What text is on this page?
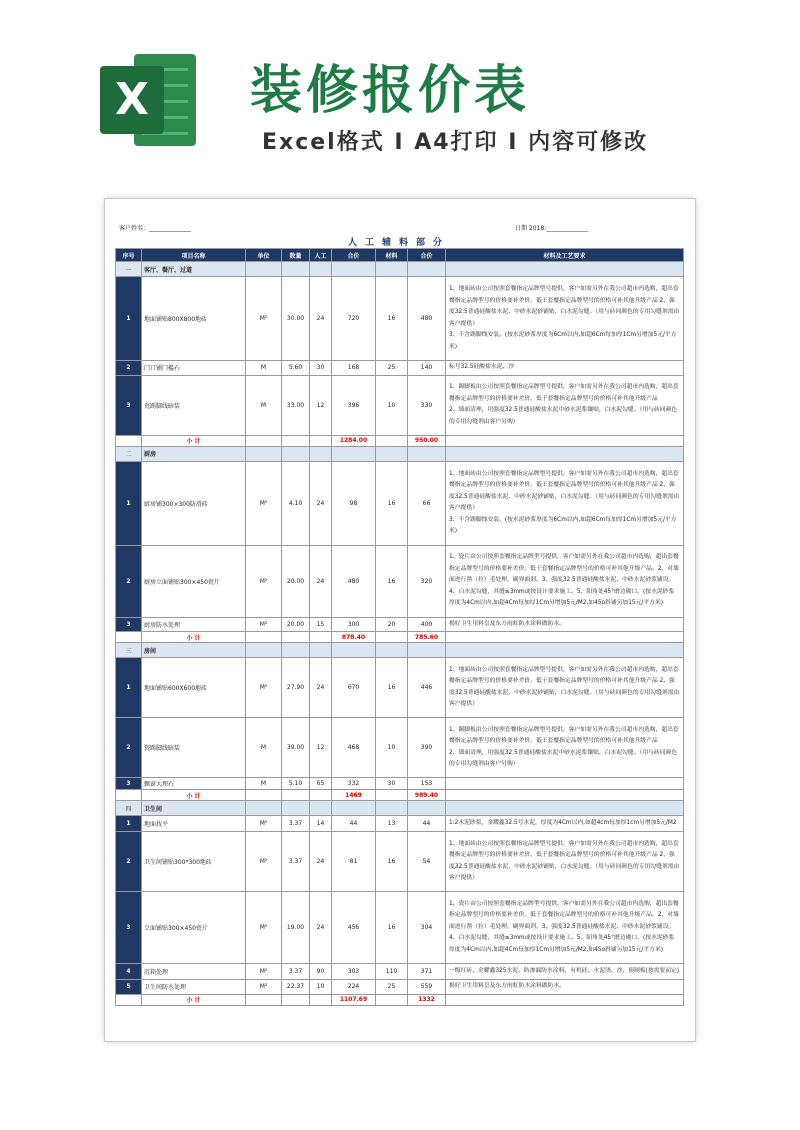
X 装修报价表
Excel格式 I A4打印 I 内容可修改
客户姓名：______________	日期 2018:______________
人工辅料部分
序号	项目名称	单位	数量	人工	合价	材料	合价	材料及工艺要求
一	客厅、餐厅、过道							
1	地面铺贴800X800地砖	M²	30.00	24	720	16	480	1、地面砖由公司按照套餐指定品牌型号提供，客户如需另外在我公司超市内选购，超出套餐指定品牌型号的价格要补差价。低于套餐指定品牌型号的价格可补其他升级产品 2、强度32.5普通硅酸盐水泥、中砂水泥砂铺贴，白水泥勾缝。（用与砖同颜色的专用勾缝剂需由客户提供）
3、不含踢脚线安装。(按水泥砂浆厚度为6Cm以内,如超6Cm每加厚1Cm另增加5元/平方米)
2	门口铺门槛石	M	5.60	30	168	25	140	标号32.5硅酸盐水泥、沙
3	瓷踢脚线暗装	M	33.00	12	396	10	330	1、踢脚板由公司按照套餐指定品牌型号提供，客户如需另外在我公司超市内选购，超出套餐指定品牌型号的价格要补差价。低于套餐指定品牌型号的价格可补其他升级产品
2、墙面清理，用强度32.5普通硅酸盐水泥中砂水泥浆镶贴，白水泥勾缝。（用与砖同颜色的专用勾缝剂由客户另购）
	小 计				1284.00		950.00	
二	厨房							
1	厨房铺300×300防滑砖	M²	4.10	24	98	16	66	1、地面砖由公司按照套餐指定品牌型号提供，客户如需另外在我公司超市内选购，超出套餐指定品牌型号的价格要补差价。低于套餐指定品牌型号的价格可补其他升级产品 2、强度32.5普通硅酸盐水泥、中砂水泥砂铺贴，白水泥勾缝。（用与砖同颜色的专用勾缝剂需由客户提供）
3、不含踢脚线安装。(按水泥砂浆厚度为6Cm以内,如超6Cm每加厚1Cm另增加5元/平方米)
2	厨房立面铺贴300×450瓷片	M²	20.00	24	480	16	320	1、瓷片由公司按照套餐指定品牌型号提供，客户如需另外在我公司超市内选购，超出套餐指定品牌型号的价格要补差价。低于套餐指定品牌型号的价格可补其他升级产品。2、对墙面进行凿（拉）毛处理，刷界面剂。3、强度32.5普通硅酸盐水泥、中砂水泥砂浆铺设。4、白水泥勾缝，其缝≤3mm或按设计要求施工。5、阳角处45°磨边砌口。(按水泥砂浆厚度为4Cm以内,如超4Cm每加厚1Cm另增加5元/M2,如45o斜铺另加15元/平方米)
3	厨房防水处理	M²	20.00	15	300	20	400	揭好卫生用料皇及东方雨虹防水涂料做防水。
	小 计				878.40		785.60	
三	房间							
1	地面铺贴600X600地砖	M²	27.90	24	670	16	446	1、地面砖由公司按照套餐指定品牌型号提供，客户如需另外在我公司超市内选购，超出套餐指定品牌型号的价格要补差价。低于套餐指定品牌型号的价格可补其他升级产品 2、强度32.5普通硅酸盐水泥、中砂水泥砂铺贴，白水泥勾缝。（用与砖同颜色的专用勾缝剂需由客户提供）
2	瓷踢脚线暗装	M	39.00	12	468	10	390	1、踢脚板由公司按照套餐指定品牌型号提供，客户如需另外在我公司超市内选购，超出套餐指定品牌型号的价格要补差价。低于套餐指定品牌型号的价格可补其他升级产品
2、墙面清理，用强度32.5普通硅酸盐水泥中砂水泥浆镶贴，白水泥勾缝。（用与砖同颜色的专用勾缝剂由客户另购）
3	飘窗大理石	M	5.10	65	332	30	153	
	小 计				1469		989.40	
四	卫生间							
1	地面找平	M²	3.37	14	44	13	44	1:2水泥砂浆，金耀鑫32.5号水泥，厚度为4Cm以内,如超4cm每加厚1cm另增加5元/M2
2	卫生间铺贴300*300地砖	M²	3.37	24	81	16	54	1、地面砖由公司按照套餐指定品牌型号提供，客户如需另外在我公司超市内选购，超出套餐指定品牌型号的价格要补差价。低于套餐指定品牌型号的价格可补其他升级产品 2、强度32.5普通硅酸盐水泥、中砂水泥砂铺贴，白水泥勾缝。（用与砖同颜色的专用勾缝剂需由客户提供）
3	立面铺贴300×450瓷片	M²	19.00	24	456	16	304	1、瓷片由公司按照套餐指定品牌型号提供，客户如需另外在我公司超市内选购，超出套餐指定品牌型号的价格要补差价。低于套餐指定品牌型号的价格可补其他升级产品。2、对墙面进行凿（拉）毛处理，刷界面剂。3、强度32.5普通硅酸盐水泥、中砂水泥砂浆铺设。4、白水泥勾缝，其缝≤3mm或按设计要求施工。5、阳角处45°磨边砌口。(按水泥砂浆厚度为4Cm以内,如超4Cm每加厚1Cm另增加5元/M2,如45o斜铺另加15元/平方米)
4	沉箱处理	M²	3.37	90	303	110	371	一级红砖、金耀鑫325水泥、防渗漏防水涂料、有机硅、水泥浇、沙、预制板(按需要而定)
5	卫生间防水处理	M²	22.37	10	224	25	559	揭好卫生用料皇及东方雨虹防水涂料做防水。
	小 计				1107.69		1332	
